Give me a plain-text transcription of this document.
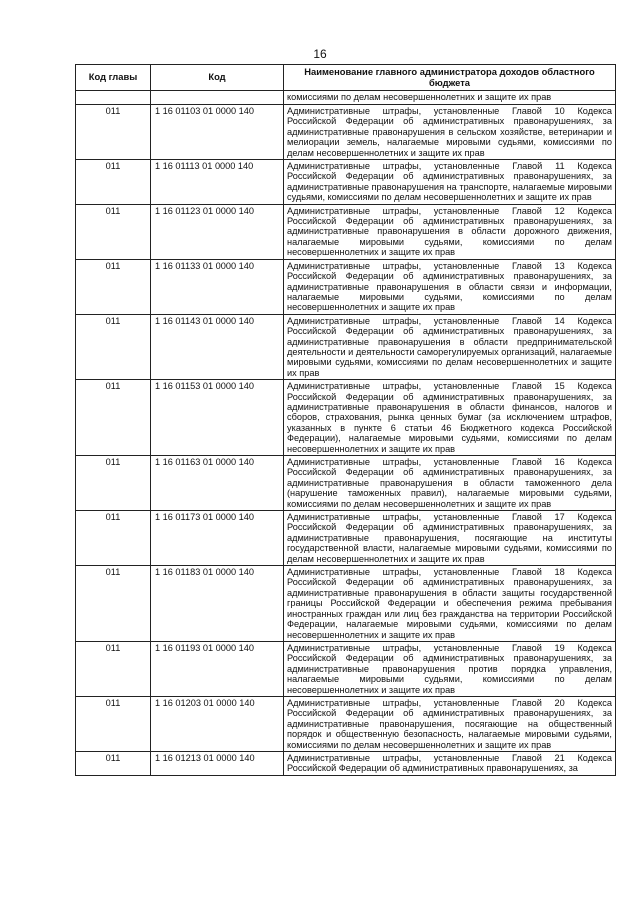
16
Код главы	Код	Наименование главного администратора доходов областного бюджета
		комиссиями по делам несовершеннолетних и защите их прав
011	1 16 01103 01 0000 140	Административные штрафы, установленные Главой 10 Кодекса Российской Федерации об административных правонарушениях, за административные правонарушения в сельском хозяйстве, ветеринарии и мелиорации земель, налагаемые мировыми судьями, комиссиями по делам несовершеннолетних и защите их прав
011	1 16 01113 01 0000 140	Административные штрафы, установленные Главой 11 Кодекса Российской Федерации об административных правонарушениях, за административные правонарушения на транспорте, налагаемые мировыми судьями, комиссиями по делам несовершеннолетних и защите их прав
011	1 16 01123 01 0000 140	Административные штрафы, установленные Главой 12 Кодекса Российской Федерации об административных правонарушениях, за административные правонарушения в области дорожного движения, налагаемые мировыми судьями, комиссиями по делам несовершеннолетних и защите их прав
011	1 16 01133 01 0000 140	Административные штрафы, установленные Главой 13 Кодекса Российской Федерации об административных правонарушениях, за административные правонарушения в области связи и информации, налагаемые мировыми судьями, комиссиями по делам несовершеннолетних и защите их прав
011	1 16 01143 01 0000 140	Административные штрафы, установленные Главой 14 Кодекса Российской Федерации об административных правонарушениях, за административные правонарушения в области предпринимательской деятельности и деятельности саморегулируемых организаций, налагаемые мировыми судьями, комиссиями по делам несовершеннолетних и защите их прав
011	1 16 01153 01 0000 140	Административные штрафы, установленные Главой 15 Кодекса Российской Федерации об административных правонарушениях, за административные правонарушения в области финансов, налогов и сборов, страхования, рынка ценных бумаг (за исключением штрафов, указанных в пункте 6 статьи 46 Бюджетного кодекса Российской Федерации), налагаемые мировыми судьями, комиссиями по делам несовершеннолетних и защите их прав
011	1 16 01163 01 0000 140	Административные штрафы, установленные Главой 16 Кодекса Российской Федерации об административных правонарушениях, за административные правонарушения в области таможенного дела (нарушение таможенных правил), налагаемые мировыми судьями, комиссиями по делам несовершеннолетних и защите их прав
011	1 16 01173 01 0000 140	Административные штрафы, установленные Главой 17 Кодекса Российской Федерации об административных правонарушениях, за административные правонарушения, посягающие на институты государственной власти, налагаемые мировыми судьями, комиссиями по делам несовершеннолетних и защите их прав
011	1 16 01183 01 0000 140	Административные штрафы, установленные Главой 18 Кодекса Российской Федерации об административных правонарушениях, за административные правонарушения в области защиты государственной границы Российской Федерации и обеспечения режима пребывания иностранных граждан или лиц без гражданства на территории Российской Федерации, налагаемые мировыми судьями, комиссиями по делам несовершеннолетних и защите их прав
011	1 16 01193 01 0000 140	Административные штрафы, установленные Главой 19 Кодекса Российской Федерации об административных правонарушениях, за административные правонарушения против порядка управления, налагаемые мировыми судьями, комиссиями по делам несовершеннолетних и защите их прав
011	1 16 01203 01 0000 140	Административные штрафы, установленные Главой 20 Кодекса Российской Федерации об административных правонарушениях, за административные правонарушения, посягающие на общественный порядок и общественную безопасность, налагаемые мировыми судьями, комиссиями по делам несовершеннолетних и защите их прав
011	1 16 01213 01 0000 140	Административные штрафы, установленные Главой 21 Кодекса Российской Федерации об административных правонарушениях, за
